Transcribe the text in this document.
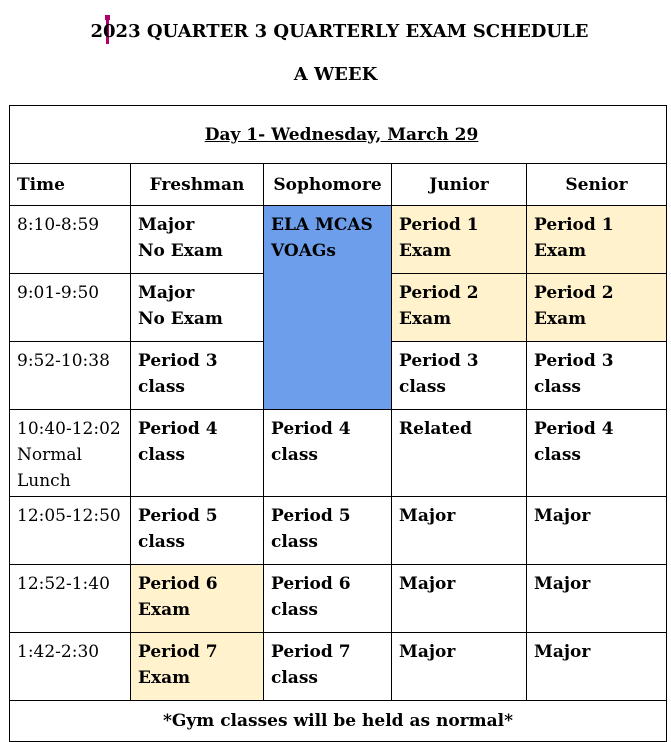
2023 QUARTER 3 QUARTERLY EXAM SCHEDULE
A WEEK
Day 1- Wednesday, March 29				
Time	Freshman	Sophomore	Junior	Senior

8:10-8:59	Major
No Exam	ELA MCAS
VOAGs	Period 1
Exam	Period 1
Exam

9:01-9:50	Major
No Exam		Period 2
Exam	Period 2
Exam

9:52-10:38	Period 3
class		Period 3
class	Period 3
class

10:40-12:02
Normal
Lunch	Period 4
class	Period 4
class	Related	Period 4
class

12:05-12:50	Period 5
class	Period 5
class	Major	Major

12:52-1:40	Period 6
Exam	Period 6
class	Major	Major

1:42-2:30	Period 7
Exam	Period 7
class	Major	Major

*Gym classes will be held as normal*				
